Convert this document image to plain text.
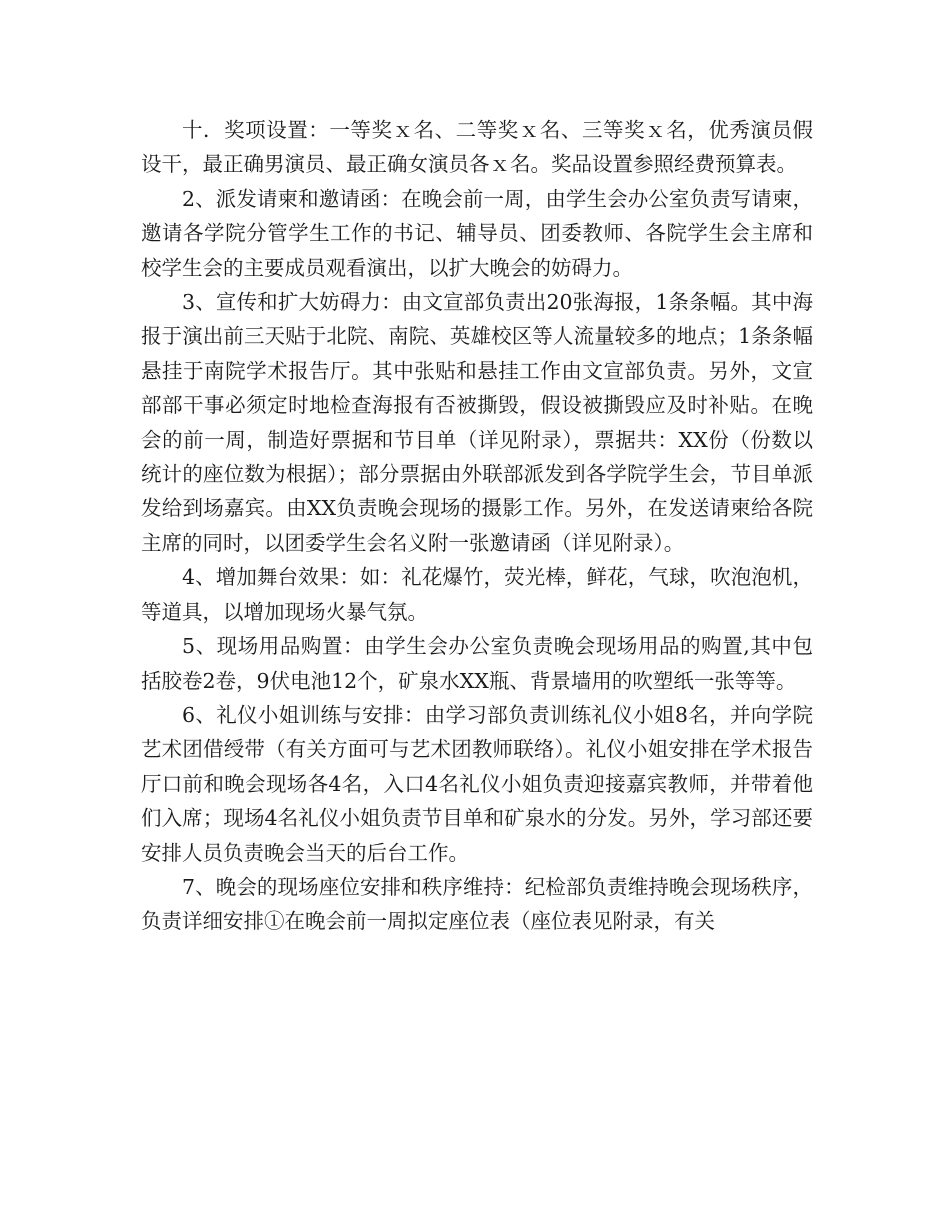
十．奖项设置：一等奖ｘ名、二等奖ｘ名、三等奖ｘ名，优秀演员假设干，最正确男演员、最正确女演员各ｘ名。奖品设置参照经费预算表。

2、派发请柬和邀请函：在晚会前一周，由学生会办公室负责写请柬，邀请各学院分管学生工作的书记、辅导员、团委教师、各院学生会主席和校学生会的主要成员观看演出，以扩大晚会的妨碍力。

3、宣传和扩大妨碍力：由文宣部负责出20张海报，1条条幅。其中海报于演出前三天贴于北院、南院、英雄校区等人流量较多的地点；1条条幅悬挂于南院学术报告厅。其中张贴和悬挂工作由文宣部负责。另外，文宣部部干事必须定时地检查海报有否被撕毁，假设被撕毁应及时补贴。在晚会的前一周，制造好票据和节目单（详见附录），票据共：XX份（份数以统计的座位数为根据）；部分票据由外联部派发到各学院学生会，节目单派发给到场嘉宾。由XX负责晚会现场的摄影工作。另外，在发送请柬给各院主席的同时，以团委学生会名义附一张邀请函（详见附录）。

4、增加舞台效果：如：礼花爆竹，荧光棒，鲜花，气球，吹泡泡机，等道具，以增加现场火暴气氛。

5、现场用品购置：由学生会办公室负责晚会现场用品的购置,其中包括胶卷2卷，9伏电池12个，矿泉水XX瓶、背景墙用的吹塑纸一张等等。

6、礼仪小姐训练与安排：由学习部负责训练礼仪小姐8名，并向学院艺术团借绶带（有关方面可与艺术团教师联络）。礼仪小姐安排在学术报告厅口前和晚会现场各4名，入口4名礼仪小姐负责迎接嘉宾教师，并带着他们入席；现场4名礼仪小姐负责节目单和矿泉水的分发。另外，学习部还要安排人员负责晚会当天的后台工作。

7、晚会的现场座位安排和秩序维持：纪检部负责维持晚会现场秩序，负责详细安排①在晚会前一周拟定座位表（座位表见附录，有关
